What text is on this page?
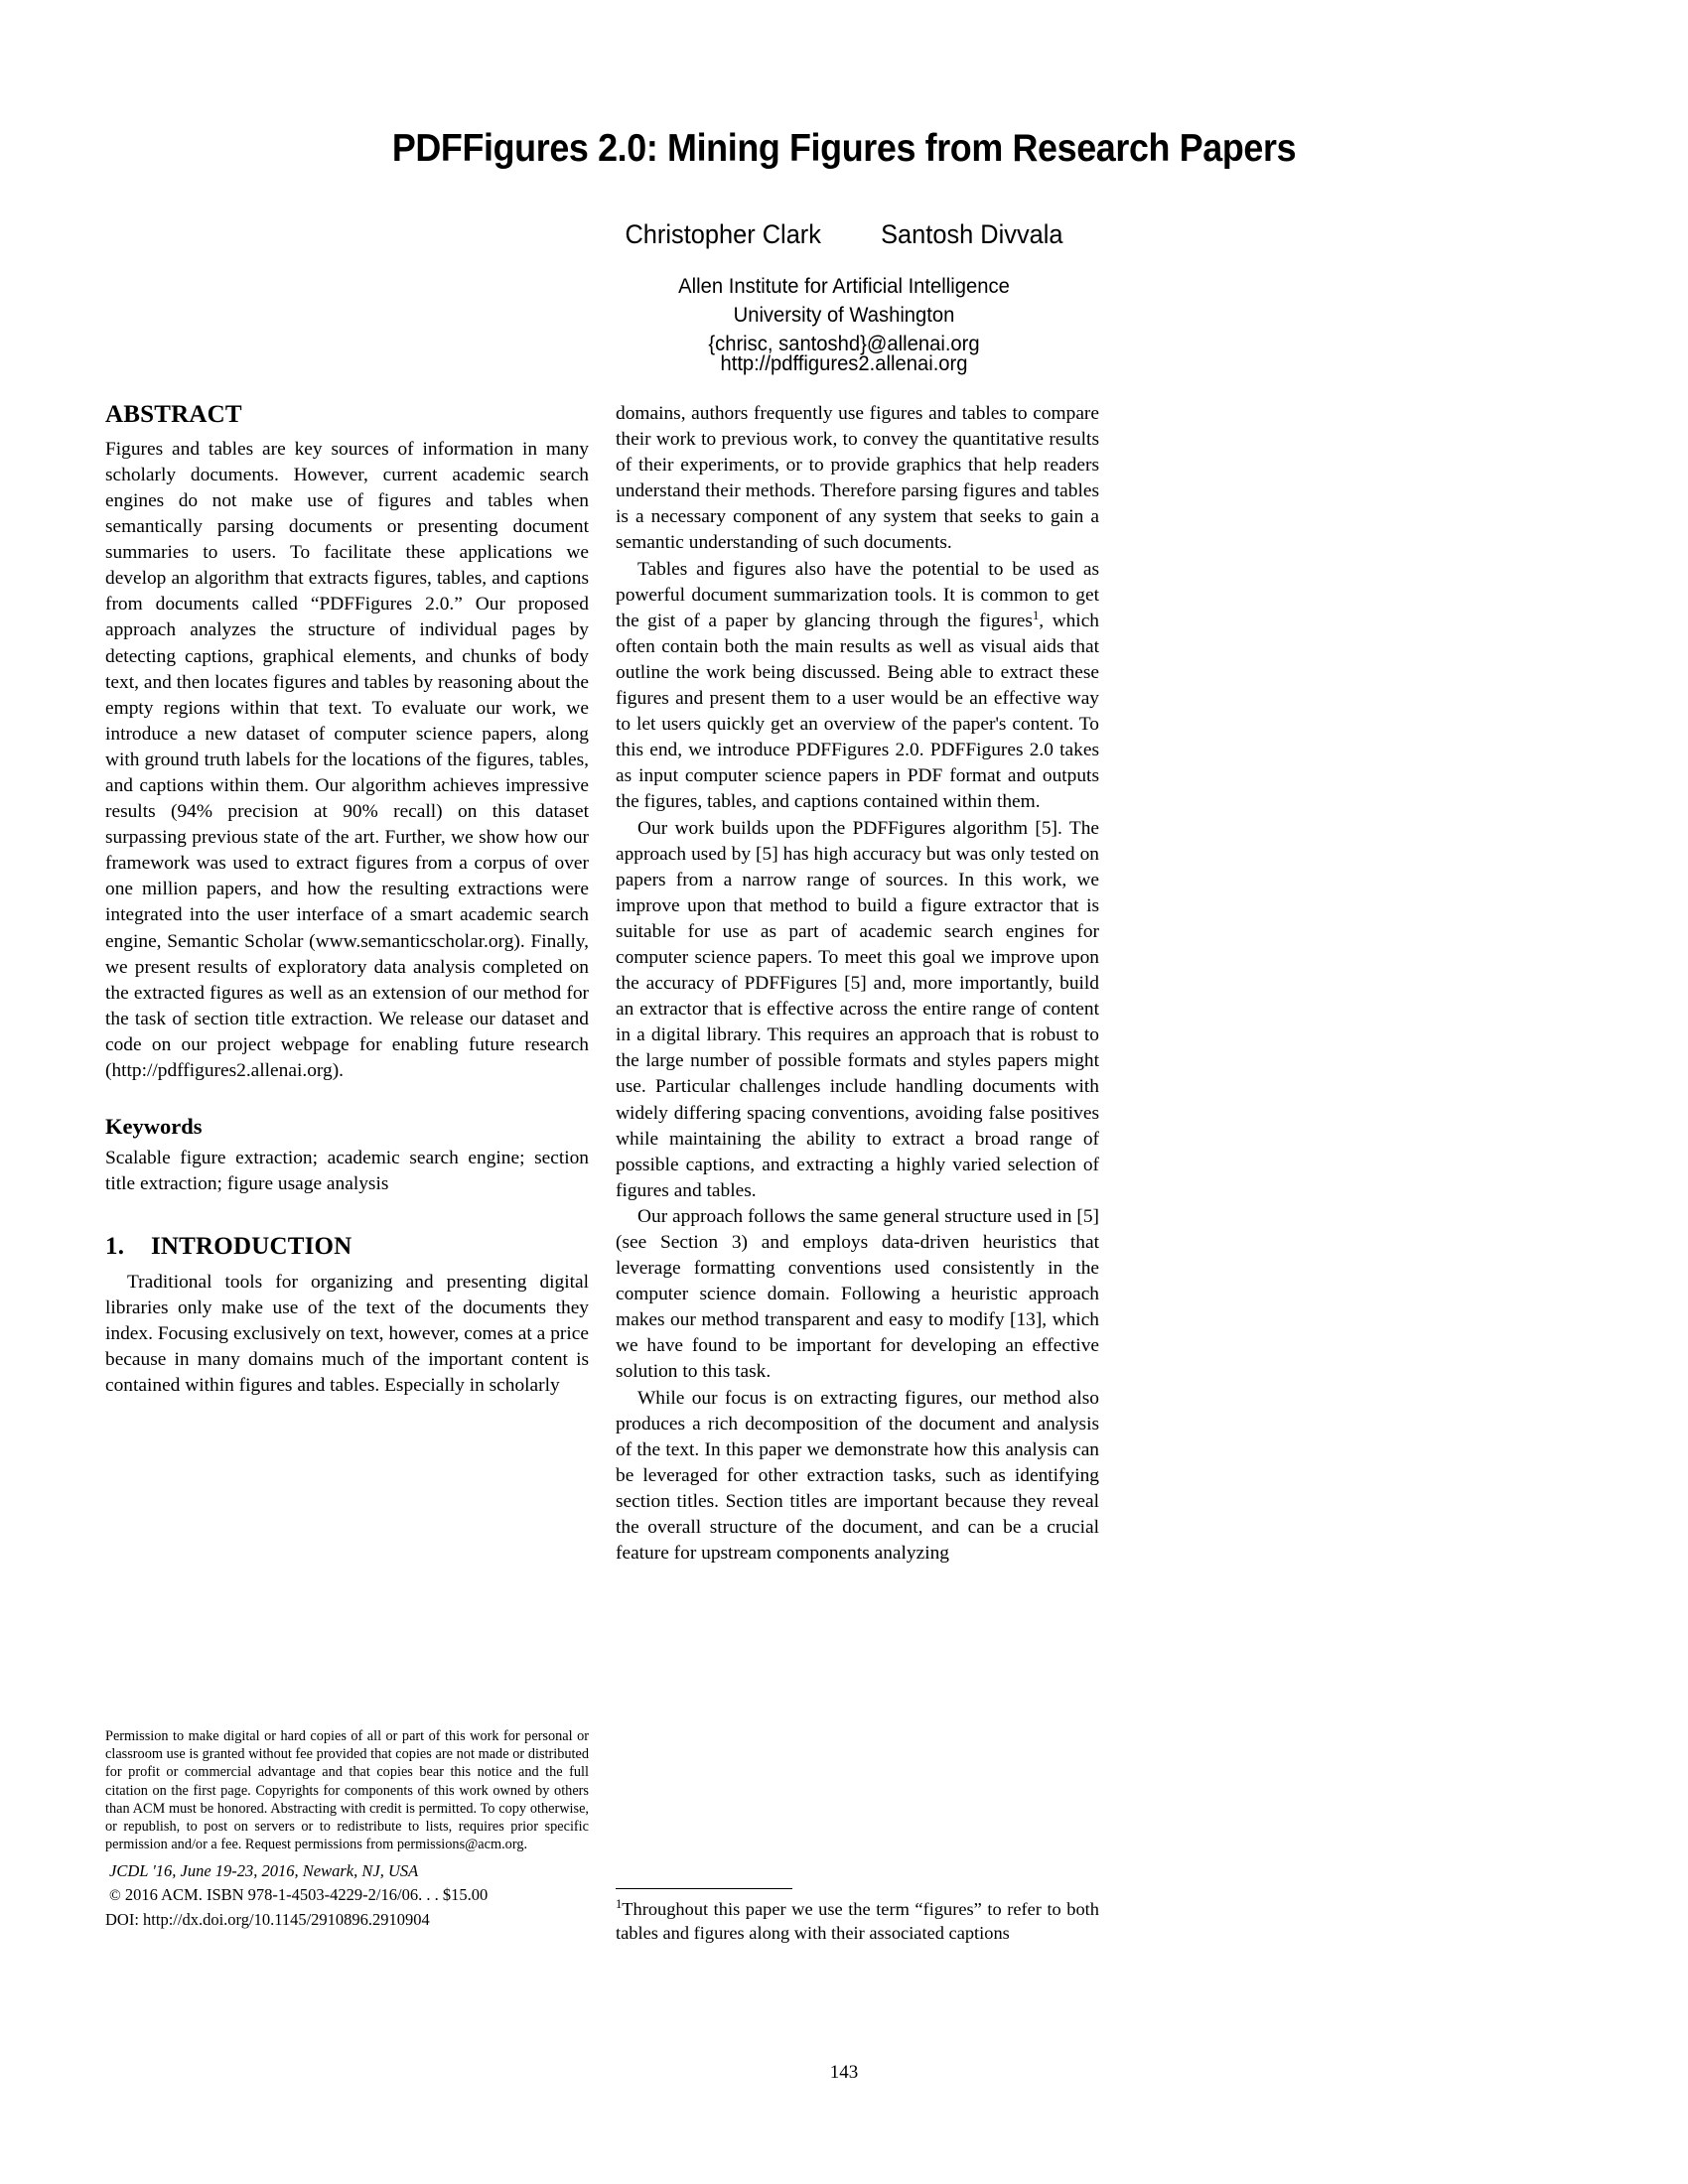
PDFFigures 2.0: Mining Figures from Research Papers
Christopher Clark Santosh Divvala
Allen Institute for Artificial Intelligence
University of Washington
{chrisc, santoshd}@allenai.org
http://pdffigures2.allenai.org
ABSTRACT

Figures and tables are key sources of information in many scholarly documents. However, current academic search engines do not make use of figures and tables when semantically parsing documents or presenting document summaries to users. To facilitate these applications we develop an algorithm that extracts figures, tables, and captions from documents called “PDFFigures 2.0.” Our proposed approach analyzes the structure of individual pages by detecting captions, graphical elements, and chunks of body text, and then locates figures and tables by reasoning about the empty regions within that text. To evaluate our work, we introduce a new dataset of computer science papers, along with ground truth labels for the locations of the figures, tables, and captions within them. Our algorithm achieves impressive results (94% precision at 90% recall) on this dataset surpassing previous state of the art. Further, we show how our framework was used to extract figures from a corpus of over one million papers, and how the resulting extractions were integrated into the user interface of a smart academic search engine, Semantic Scholar (www.semanticscholar.org). Finally, we present results of exploratory data analysis completed on the extracted figures as well as an extension of our method for the task of section title extraction. We release our dataset and code on our project webpage for enabling future research (http://pdffigures2.allenai.org).

Keywords

Scalable figure extraction; academic search engine; section title extraction; figure usage analysis

1. INTRODUCTION

Traditional tools for organizing and presenting digital libraries only make use of the text of the documents they index. Focusing exclusively on text, however, comes at a price because in many domains much of the important content is contained within figures and tables. Especially in scholarly

domains, authors frequently use figures and tables to compare their work to previous work, to convey the quantitative results of their experiments, or to provide graphics that help readers understand their methods. Therefore parsing figures and tables is a necessary component of any system that seeks to gain a semantic understanding of such documents.

Tables and figures also have the potential to be used as powerful document summarization tools. It is common to get the gist of a paper by glancing through the figures$^1$, which often contain both the main results as well as visual aids that outline the work being discussed. Being able to extract these figures and present them to a user would be an effective way to let users quickly get an overview of the paper's content. To this end, we introduce PDFFigures 2.0. PDFFigures 2.0 takes as input computer science papers in PDF format and outputs the figures, tables, and captions contained within them.

Our work builds upon the PDFFigures algorithm [5]. The approach used by [5] has high accuracy but was only tested on papers from a narrow range of sources. In this work, we improve upon that method to build a figure extractor that is suitable for use as part of academic search engines for computer science papers. To meet this goal we improve upon the accuracy of PDFFigures [5] and, more importantly, build an extractor that is effective across the entire range of content in a digital library. This requires an approach that is robust to the large number of possible formats and styles papers might use. Particular challenges include handling documents with widely differing spacing conventions, avoiding false positives while maintaining the ability to extract a broad range of possible captions, and extracting a highly varied selection of figures and tables.

Our approach follows the same general structure used in [5] (see Section 3) and employs data-driven heuristics that leverage formatting conventions used consistently in the computer science domain. Following a heuristic approach makes our method transparent and easy to modify [13], which we have found to be important for developing an effective solution to this task.

While our focus is on extracting figures, our method also produces a rich decomposition of the document and analysis of the text. In this paper we demonstrate how this analysis can be leveraged for other extraction tasks, such as identifying section titles. Section titles are important because they reveal the overall structure of the document, and can be a crucial feature for upstream components analyzing

Permission to make digital or hard copies of all or part of this work for personal or classroom use is granted without fee provided that copies are not made or distributed for profit or commercial advantage and that copies bear this notice and the full citation on the first page. Copyrights for components of this work owned by others than ACM must be honored. Abstracting with credit is permitted. To copy otherwise, or republish, to post on servers or to redistribute to lists, requires prior specific permission and/or a fee. Request permissions from permissions@acm.org.

JCDL '16, June 19-23, 2016, Newark, NJ, USA

© 2016 ACM. ISBN 978-1-4503-4229-2/16/06. . . $15.00

DOI: http://dx.doi.org/10.1145/2910896.2910904

$^1$Throughout this paper we use the term “figures” to refer to both tables and figures along with their associated captions

143
